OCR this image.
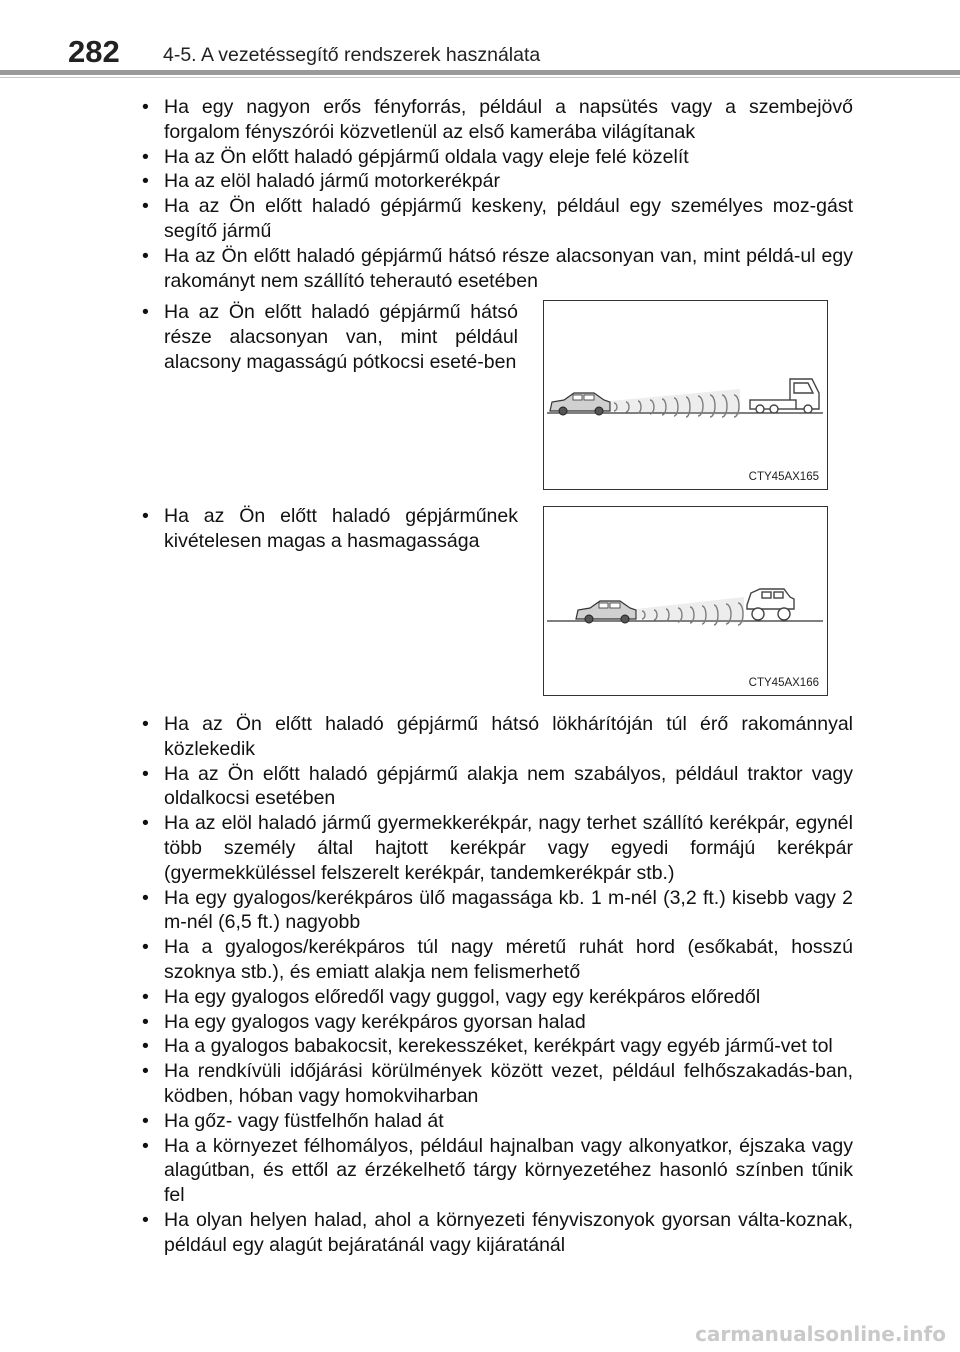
282 4-5. A vezetéssegítő rendszerek használata
• Ha egy nagyon erős fényforrás, például a napsütés vagy a szembejövő forgalom fényszórói közvetlenül az első kamerába világítanak
• Ha az Ön előtt haladó gépjármű oldala vagy eleje felé közelít
• Ha az elöl haladó jármű motorkerékpár
• Ha az Ön előtt haladó gépjármű keskeny, például egy személyes moz-gást segítő jármű
• Ha az Ön előtt haladó gépjármű hátsó része alacsonyan van, mint példá-ul egy rakományt nem szállító teherautó esetében
• Ha az Ön előtt haladó gépjármű hátsó része alacsonyan van, mint például alacsony magasságú pótkocsi eseté-ben
CTY45AX165
• Ha az Ön előtt haladó gépjárműnek kivételesen magas a hasmagassága
CTY45AX166
• Ha az Ön előtt haladó gépjármű hátsó lökhárítóján túl érő rakománnyal közlekedik
• Ha az Ön előtt haladó gépjármű alakja nem szabályos, például traktor vagy oldalkocsi esetében
• Ha az elöl haladó jármű gyermekkerékpár, nagy terhet szállító kerékpár, egynél több személy által hajtott kerékpár vagy egyedi formájú kerékpár (gyermekküléssel felszerelt kerékpár, tandemkerékpár stb.)
• Ha egy gyalogos/kerékpáros ülő magassága kb. 1 m-nél (3,2 ft.) kisebb vagy 2 m-nél (6,5 ft.) nagyobb
• Ha a gyalogos/kerékpáros túl nagy méretű ruhát hord (esőkabát, hosszú szoknya stb.), és emiatt alakja nem felismerhető
• Ha egy gyalogos előredől vagy guggol, vagy egy kerékpáros előredől
• Ha egy gyalogos vagy kerékpáros gyorsan halad
• Ha a gyalogos babakocsit, kerekesszéket, kerékpárt vagy egyéb jármű-vet tol
• Ha rendkívüli időjárási körülmények között vezet, például felhőszakadás-ban, ködben, hóban vagy homokviharban
• Ha gőz- vagy füstfelhőn halad át
• Ha a környezet félhomályos, például hajnalban vagy alkonyatkor, éjszaka vagy alagútban, és ettől az érzékelhető tárgy környezetéhez hasonló színben tűnik fel
• Ha olyan helyen halad, ahol a környezeti fényviszonyok gyorsan válta-koznak, például egy alagút bejáratánál vagy kijáratánál
carmanualsonline.info
